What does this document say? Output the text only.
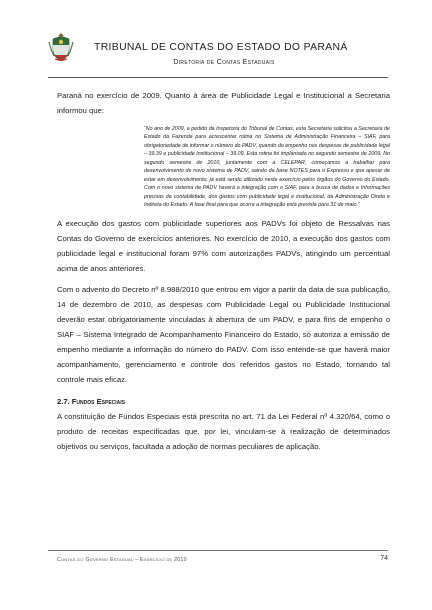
TRIBUNAL DE CONTAS DO ESTADO DO PARANÁ
Diretoria de Contas Estaduais

Paraná no exercício de 2009. Quanto à área de Publicidade Legal e Institucional a Secretaria informou que:

“No ano de 2009, a pedido da Inspetoria do Tribunal de Contas, esta Secretaria solicitou a Secretaria de Estado da Fazenda para acrescentar rotina no Sistema de Administração Financeira – SIAF, para obrigatoriedade de informar o número do PADV, quando do empenho nas despesas de publicidade legal – 39.39 e publicidade Institucional – 39.09. Esta rotina foi implantada no segundo semestre de 2009. No segundo semestre de 2010, juntamente com a CELEPAR, começamos a trabalhar para desenvolvimento de novo sistema de PADV, saindo da base NOTES para o Expresso e que apesar de estar em desenvolvimento, já está sendo utilizado neste exercício pelos órgãos do Governo do Estado. Com o novo sistema de PADV haverá a integração com o SIAF, para a busca de dados e Informações precisas da contabilidade, dos gastos com publicidade legal e institucional, da Administração Direta e Indireta do Estado. A fase final para que ocorra a integração está prevista para 31 de maio.”

A execução dos gastos com publicidade superiores aos PADVs foi objeto de Ressalvas nas Contas do Governo de exercícios anteriores. No exercício de 2010, a execução dos gastos com publicidade legal e institucional foram 97% com autorizações PADVs, atingindo um percentual acima de anos anteriores.

Com o advento do Decreto nº 8.988/2010 que entrou em vigor a partir da data de sua publicação, 14 de dezembro de 2010, as despesas com Publicidade Legal ou Publicidade Institucional deverão estar obrigatoriamente vinculadas à abertura de um PADV, e para fins de empenho o SIAF – Sistema Integrado de Acompanhamento Financeiro do Estado, só autoriza a emissão de empenho mediante a informação do número do PADV. Com isso entende-se que haverá maior acompanhamento, gerenciamento e controle dos referidos gastos no Estado, tornando tal controle mais eficaz.

2.7. Fundos Especiais

A constituição de Fundos Especiais está prescrita no art. 71 da Lei Federal nº 4.320/64, como o produto de receitas especificadas que, por lei, vinculam-se à realização de determinados objetivos ou serviços, facultada a adoção de normas peculiares de aplicação.

Contas do Governo Estadual – Exercício de 2010	74
